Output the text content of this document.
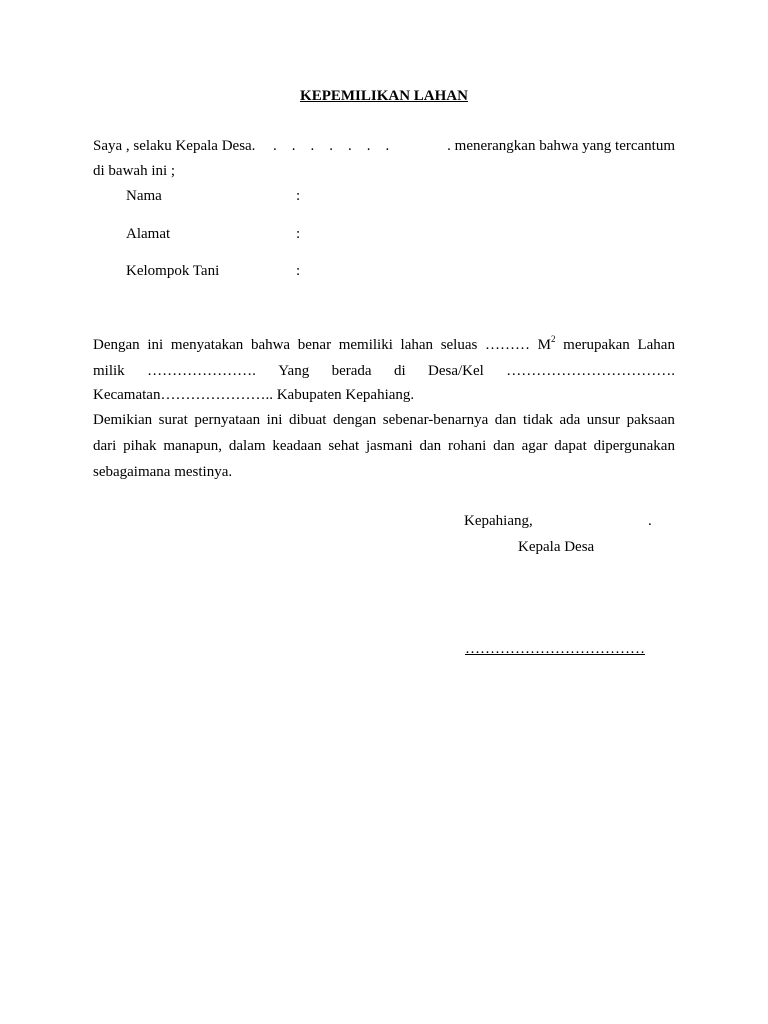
KEPEMILIKAN LAHAN
Saya , selaku Kepala Desa. .    .    .    .    .    .    .	. menerangkan bahwa yang tercantum
di bawah ini ;
Nama	:
Alamat	:
Kelompok Tani	:
Dengan ini menyatakan bahwa benar memiliki lahan seluas ……… $M^2$ merupakan Lahan
milik …………………. Yang berada di Desa/Kel …………………………….
Kecamatan………………….. Kabupaten Kepahiang.
Demikian surat pernyataan ini dibuat dengan sebenar-benarnya dan tidak ada unsur paksaan
dari pihak manapun, dalam keadaan sehat jasmani dan rohani dan agar dapat dipergunakan
sebagaimana mestinya.
Kepahiang,	.
Kepala Desa
………………………………
